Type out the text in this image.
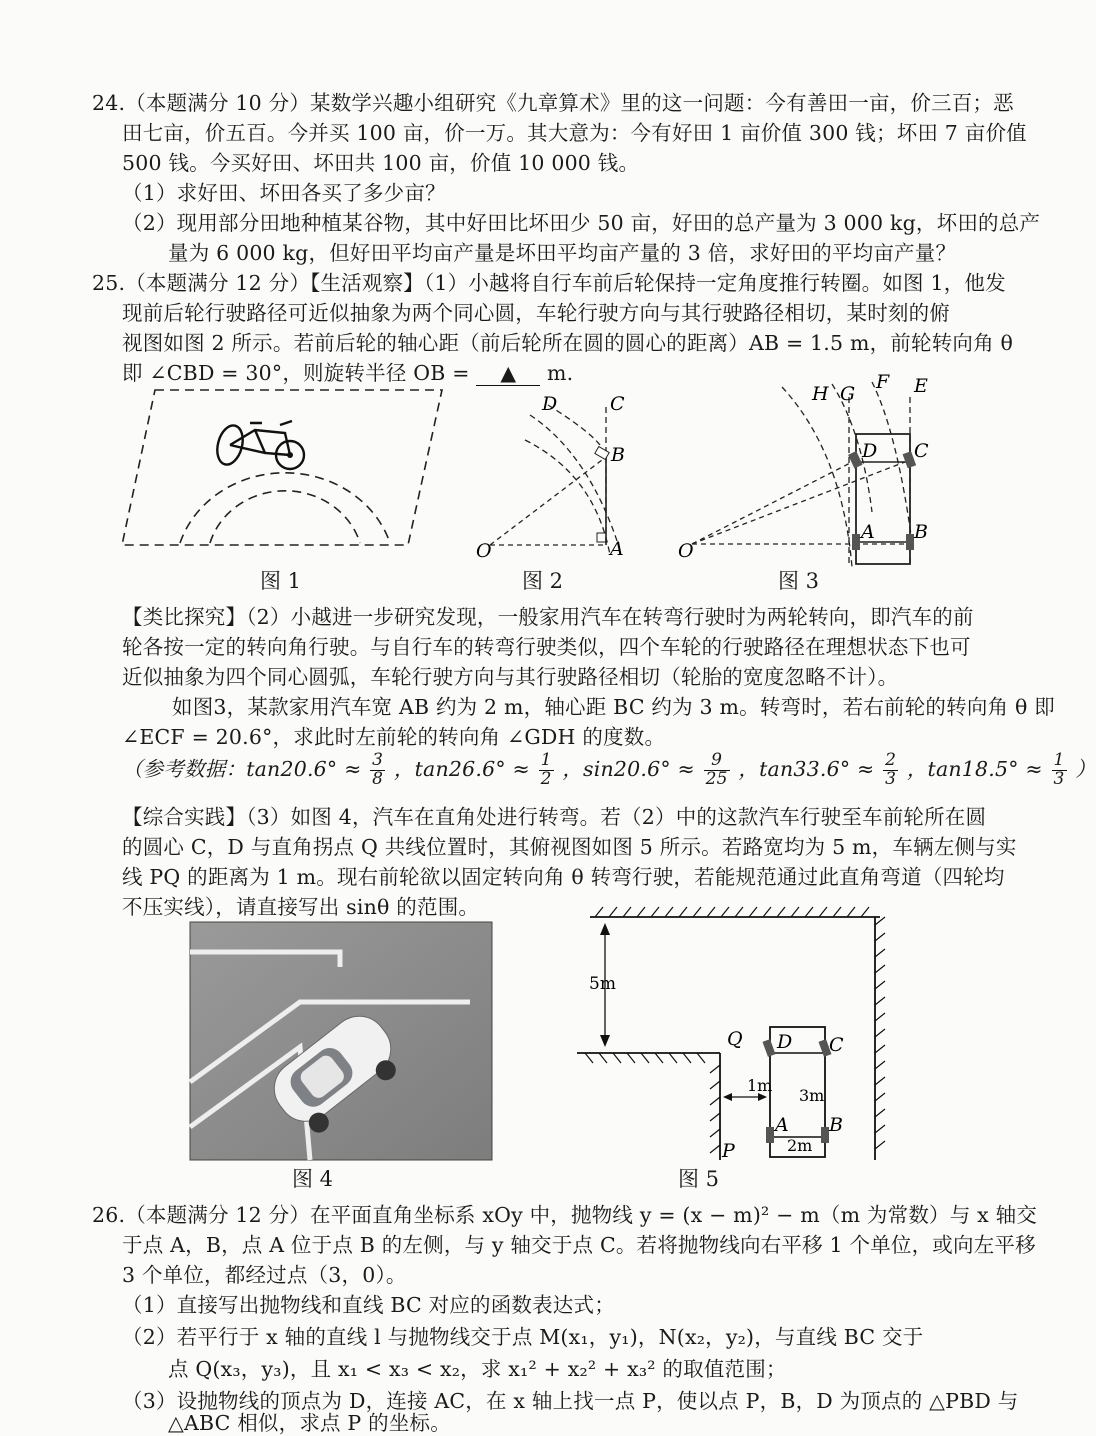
24.（本题满分 10 分）某数学兴趣小组研究《九章算术》里的这一问题：今有善田一亩，价三百；恶
田七亩，价五百。今并买 100 亩，价一万。其大意为：今有好田 1 亩价值 300 钱；坏田 7 亩价值
500 钱。今买好田、坏田共 100 亩，价值 10 000 钱。
（1）求好田、坏田各买了多少亩？
（2）现用部分田地种植某谷物，其中好田比坏田少 50 亩，好田的总产量为 3 000 kg，坏田的总产
量为 6 000 kg，但好田平均亩产量是坏田平均亩产量的 3 倍，求好田的平均亩产量？
25.（本题满分 12 分）【生活观察】（1）小越将自行车前后轮保持一定角度推行转圈。如图 1，他发
现前后轮行驶路径可近似抽象为两个同心圆，车轮行驶方向与其行驶路径相切，某时刻的俯
视图如图 2 所示。若前后轮的轴心距（前后轮所在圆的圆心的距离）AB = 1.5 m，前轮转向角 θ
即 ∠CBD = 30°，则旋转半径 OB = ▲ m.
D	C
B
O	A
H G
F E
D C
O
A B
图 1	图 2	图 3
【类比探究】（2）小越进一步研究发现，一般家用汽车在转弯行驶时为两轮转向，即汽车的前
轮各按一定的转向角行驶。与自行车的转弯行驶类似，四个车轮的行驶路径在理想状态下也可
近似抽象为四个同心圆弧，车轮行驶方向与其行驶路径相切（轮胎的宽度忽略不计）。
如图3，某款家用汽车宽 AB 约为 2 m，轴心距 BC 约为 3 m。转弯时，若右前轮的转向角 θ 即
∠ECF = 20.6°，求此时左前轮的转向角 ∠GDH 的度数。
（参考数据：$\tan 20.6^\circ \approx \frac{3}{8}$ ，$\tan 26.6^\circ \approx \frac{1}{2}$ ，$\sin 20.6^\circ \approx \frac{9}{25}$ ，$\tan 33.6^\circ \approx \frac{2}{3}$ ，$\tan 18.5^\circ \approx \frac{1}{3}$ ）
【综合实践】（3）如图 4，汽车在直角处进行转弯。若（2）中的这款汽车行驶至车前轮所在圆
的圆心 C，D 与直角拐点 Q 共线位置时，其俯视图如图 5 所示。若路宽均为 5 m，车辆左侧与实
线 PQ 的距离为 1 m。现右前轮欲以固定转向角 θ 转弯行驶，若能规范通过此直角弯道（四轮均
不压实线），请直接写出 sinθ 的范围。
5m
Q D C
1m
3m
A B
P	2m
图 4	图 5
26.（本题满分 12 分）在平面直角坐标系 xOy 中，抛物线 y = (x − m)² − m（m 为常数）与 x 轴交
于点 A，B，点 A 位于点 B 的左侧，与 y 轴交于点 C。若将抛物线向右平移 1 个单位，或向左平移
3 个单位，都经过点（3，0）。
（1）直接写出抛物线和直线 BC 对应的函数表达式；
（2）若平行于 x 轴的直线 l 与抛物线交于点 M(x₁，y₁)，N(x₂，y₂)，与直线 BC 交于
点 Q(x₃，y₃)，且 x₁ < x₃ < x₂，求 x₁² + x₂² + x₃² 的取值范围；
（3）设抛物线的顶点为 D，连接 AC，在 x 轴上找一点 P，使以点 P，B，D 为顶点的 △PBD 与
△ABC 相似，求点 P 的坐标。
